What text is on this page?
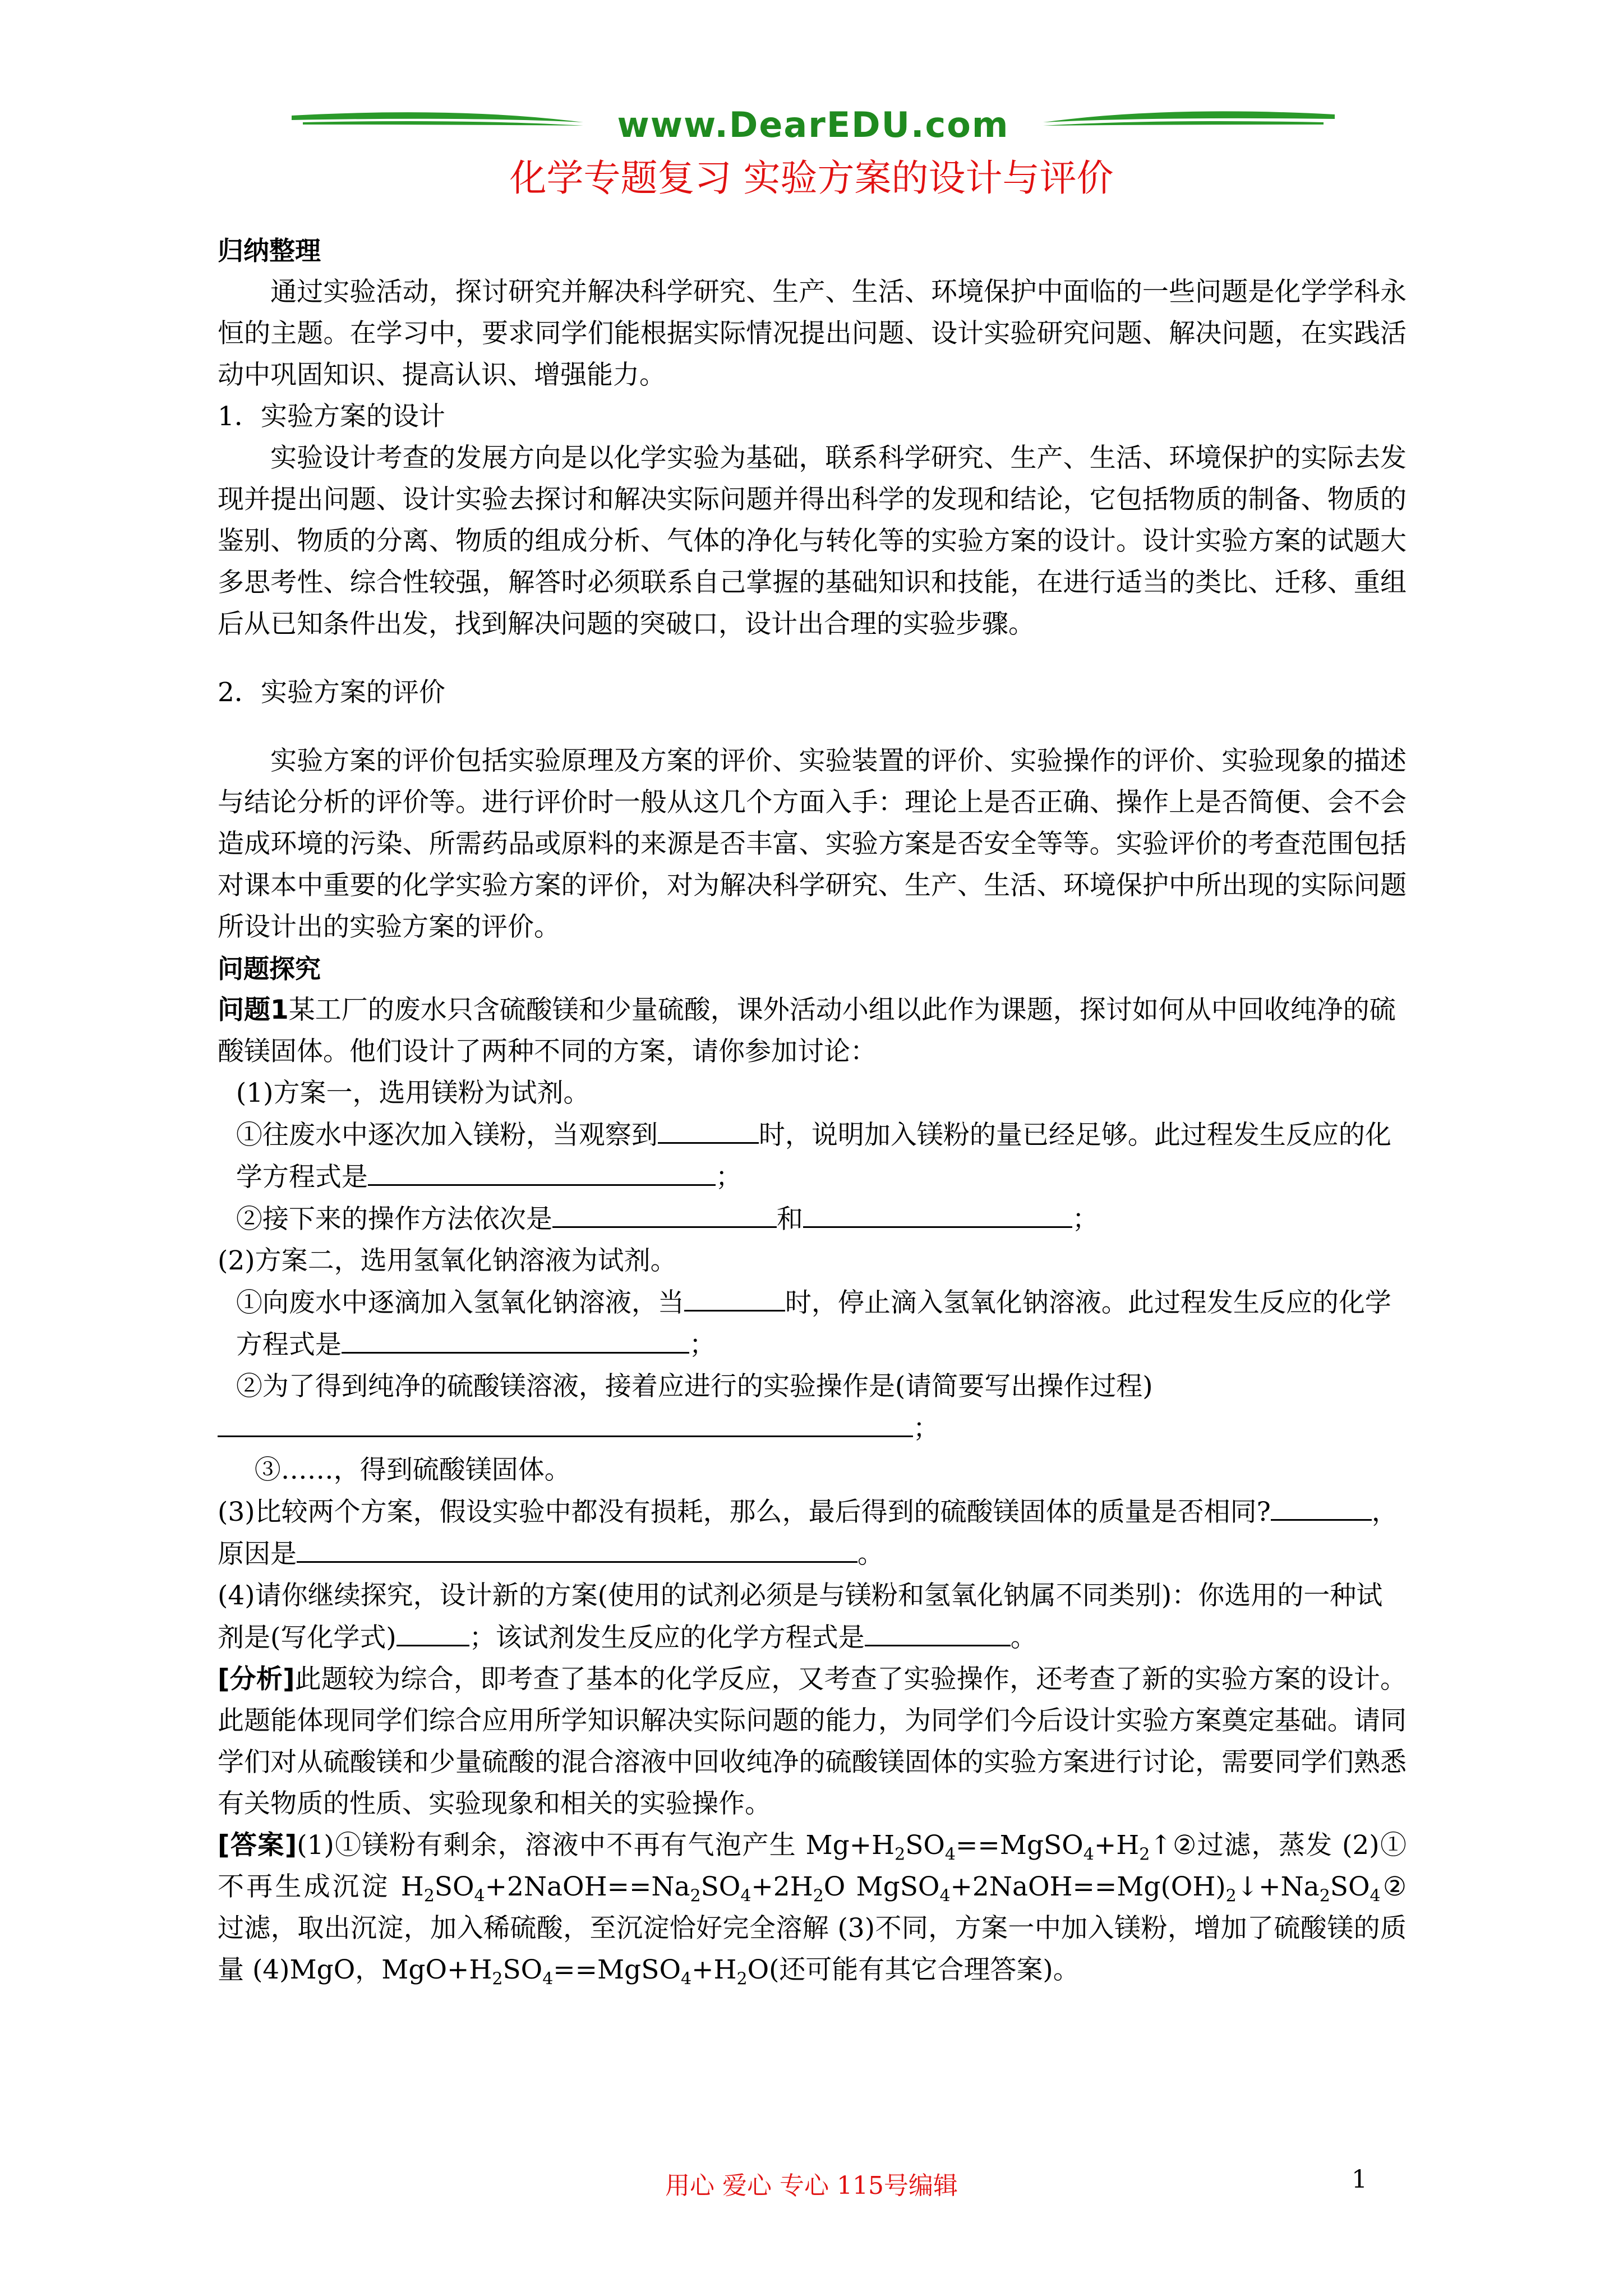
www.DearEDU.com
化学专题复习 实验方案的设计与评价

归纳整理

通过实验活动，探讨研究并解决科学研究、生产、生活、环境保护中面临的一些问题是化学学科永恒的主题。在学习中，要求同学们能根据实际情况提出问题、设计实验研究问题、解决问题，在实践活动中巩固知识、提高认识、增强能力。

1．实验方案的设计

实验设计考查的发展方向是以化学实验为基础，联系科学研究、生产、生活、环境保护的实际去发现并提出问题、设计实验去探讨和解决实际问题并得出科学的发现和结论，它包括物质的制备、物质的鉴别、物质的分离、物质的组成分析、气体的净化与转化等的实验方案的设计。设计实验方案的试题大多思考性、综合性较强，解答时必须联系自己掌握的基础知识和技能，在进行适当的类比、迁移、重组后从已知条件出发，找到解决问题的突破口，设计出合理的实验步骤。

2．实验方案的评价

实验方案的评价包括实验原理及方案的评价、实验装置的评价、实验操作的评价、实验现象的描述与结论分析的评价等。进行评价时一般从这几个方面入手：理论上是否正确、操作上是否简便、会不会造成环境的污染、所需药品或原料的来源是否丰富、实验方案是否安全等等。实验评价的考查范围包括对课本中重要的化学实验方案的评价，对为解决科学研究、生产、生活、环境保护中所出现的实际问题所设计出的实验方案的评价。

问题探究

问题1某工厂的废水只含硫酸镁和少量硫酸，课外活动小组以此作为课题，探讨如何从中回收纯净的硫酸镁固体。他们设计了两种不同的方案，请你参加讨论：

(1)方案一，选用镁粉为试剂。

①往废水中逐次加入镁粉，当观察到	时，说明加入镁粉的量已经足够。此过程发生反应的化学方程式是	；

②接下来的操作方法依次是	和	；

(2)方案二，选用氢氧化钠溶液为试剂。

①向废水中逐滴加入氢氧化钠溶液，当	时，停止滴入氢氧化钠溶液。此过程发生反应的化学方程式是	；

②为了得到纯净的硫酸镁溶液，接着应进行的实验操作是(请简要写出操作过程)

；

③……，得到硫酸镁固体。

(3)比较两个方案，假设实验中都没有损耗，那么，最后得到的硫酸镁固体的质量是否相同?	，原因是	。

(4)请你继续探究，设计新的方案(使用的试剂必须是与镁粉和氢氧化钠属不同类别)：你选用的一种试剂是(写化学式)	；该试剂发生反应的化学方程式是	。

[分析]此题较为综合，即考查了基本的化学反应，又考查了实验操作，还考查了新的实验方案的设计。此题能体现同学们综合应用所学知识解决实际问题的能力，为同学们今后设计实验方案奠定基础。请同学们对从硫酸镁和少量硫酸的混合溶液中回收纯净的硫酸镁固体的实验方案进行讨论，需要同学们熟悉有关物质的性质、实验现象和相关的实验操作。

[答案](1)①镁粉有剩余，溶液中不再有气泡产生 $Mg+H_2SO_4==MgSO_4+H_2↑②$过滤，蒸发 (2)①不再生成沉淀 $H_2SO_4+2NaOH==Na_2SO_4+2H_2O$ $MgSO_4+2NaOH==Mg(OH)_2↓+Na_2SO_4②$过滤，取出沉淀，加入稀硫酸，至沉淀恰好完全溶解 (3)不同，方案一中加入镁粉，增加了硫酸镁的质量 (4)MgO，$MgO+H_2SO_4==MgSO_4+H_2O$(还可能有其它合理答案)。

用心 爱心 专心 115号编辑	1
